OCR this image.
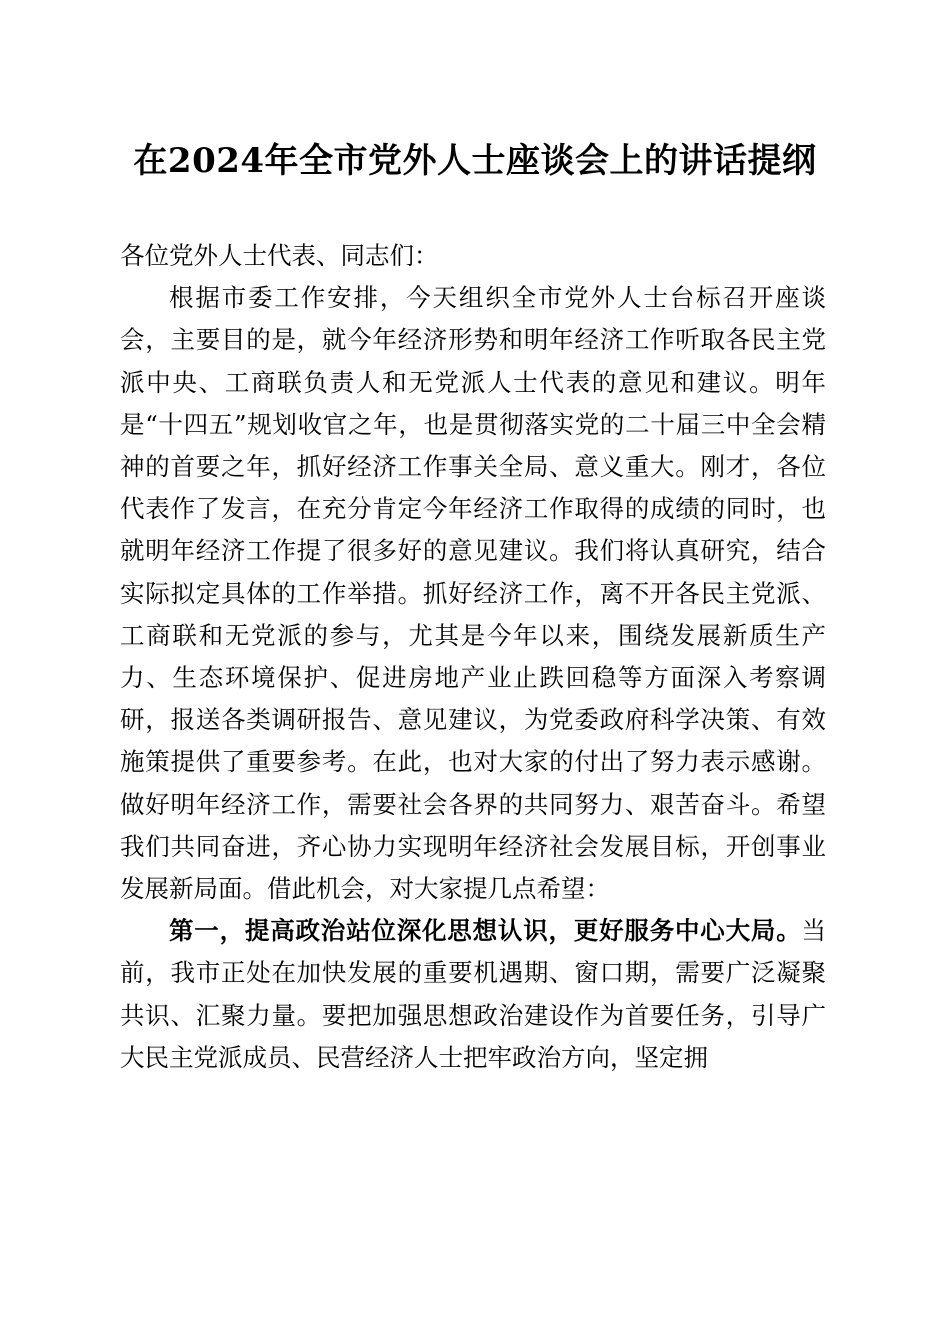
在2024年全市党外人士座谈会上的讲话提纲

各位党外人士代表、同志们：

根据市委工作安排，今天组织全市党外人士台标召开座谈会，主要目的是，就今年经济形势和明年经济工作听取各民主党派中央、工商联负责人和无党派人士代表的意见和建议。明年是“十四五”规划收官之年，也是贯彻落实党的二十届三中全会精神的首要之年，抓好经济工作事关全局、意义重大。刚才，各位代表作了发言，在充分肯定今年经济工作取得的成绩的同时，也就明年经济工作提了很多好的意见建议。我们将认真研究，结合实际拟定具体的工作举措。抓好经济工作，离不开各民主党派、工商联和无党派的参与，尤其是今年以来，围绕发展新质生产力、生态环境保护、促进房地产业止跌回稳等方面深入考察调研，报送各类调研报告、意见建议，为党委政府科学决策、有效施策提供了重要参考。在此，也对大家的付出了努力表示感谢。做好明年经济工作，需要社会各界的共同努力、艰苦奋斗。希望我们共同奋进，齐心协力实现明年经济社会发展目标，开创事业发展新局面。借此机会，对大家提几点希望：

第一，提高政治站位深化思想认识，更好服务中心大局。当前，我市正处在加快发展的重要机遇期、窗口期，需要广泛凝聚共识、汇聚力量。要把加强思想政治建设作为首要任务，引导广大民主党派成员、民营经济人士把牢政治方向，坚定拥
